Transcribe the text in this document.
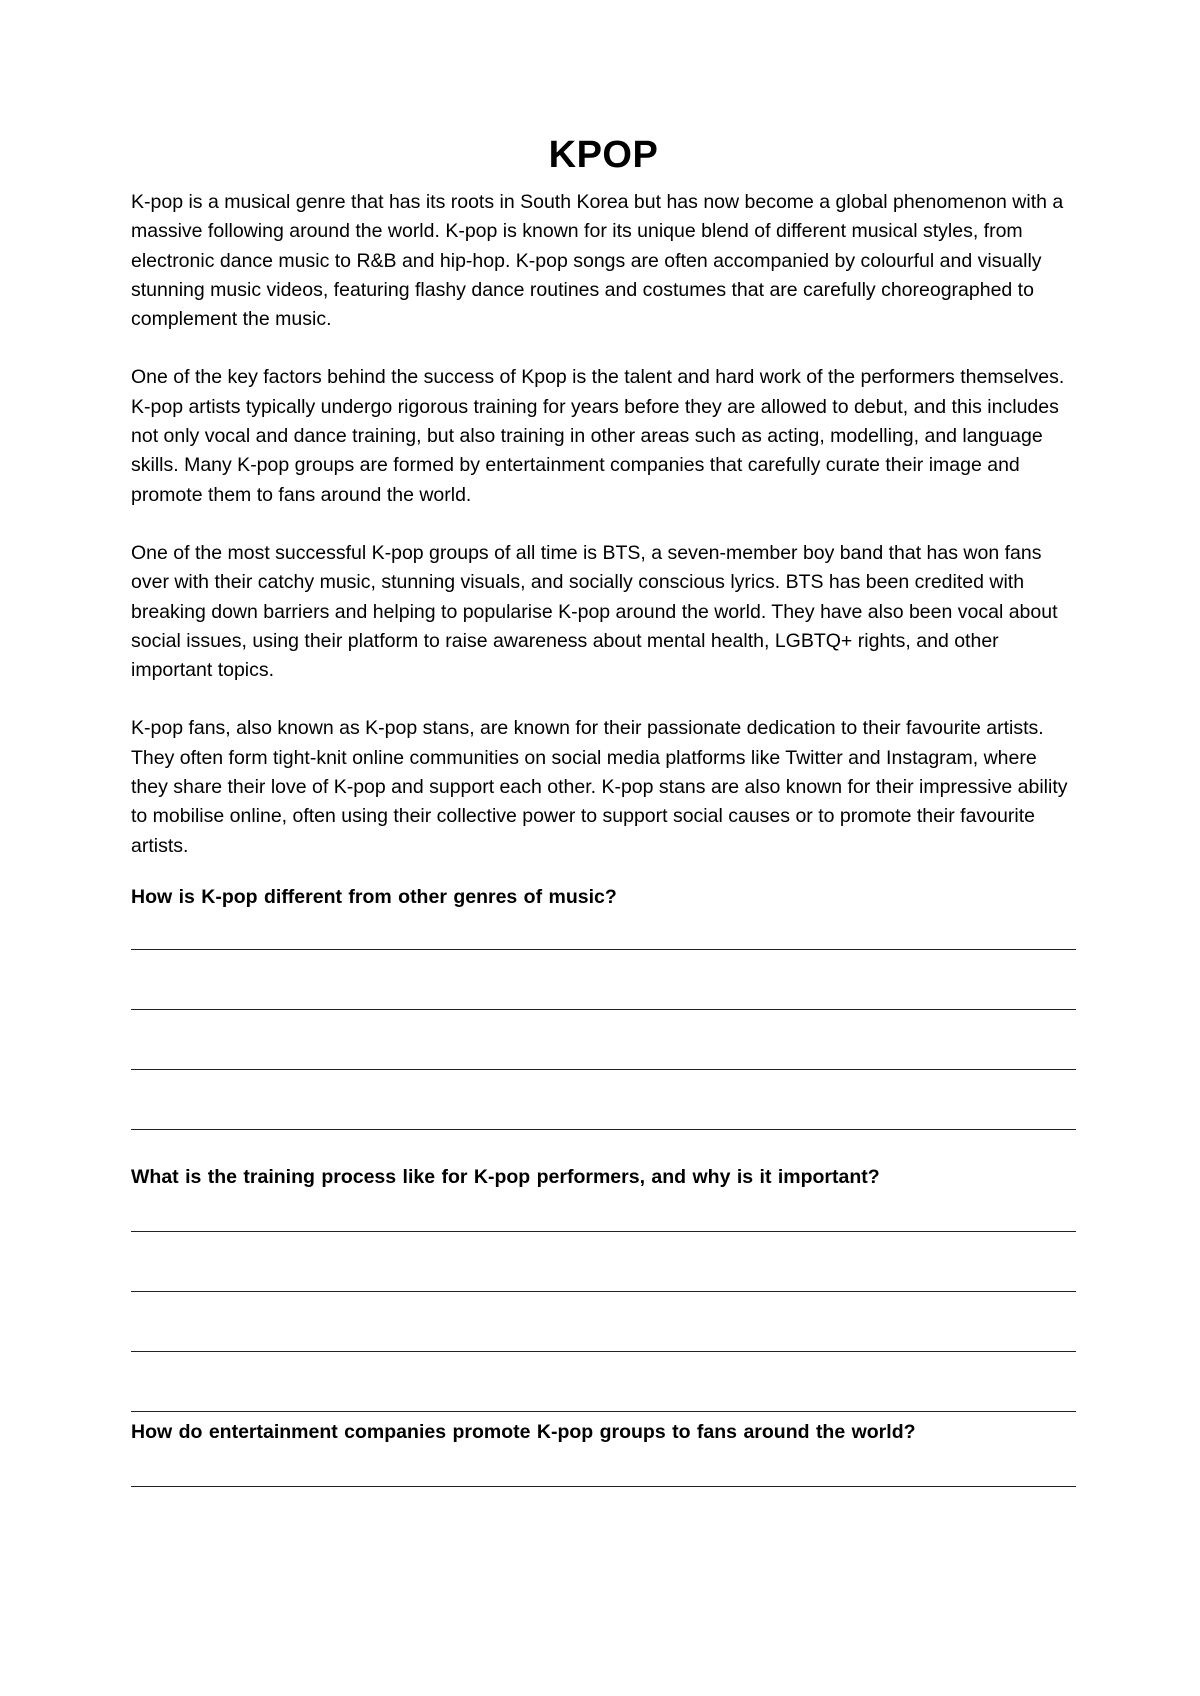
KPOP

K-pop is a musical genre that has its roots in South Korea but has now become a global phenomenon with a massive following around the world. K-pop is known for its unique blend of different musical styles, from electronic dance music to R&B and hip-hop. K-pop songs are often accompanied by colourful and visually stunning music videos, featuring flashy dance routines and costumes that are carefully choreographed to complement the music.

One of the key factors behind the success of Kpop is the talent and hard work of the performers themselves. K-pop artists typically undergo rigorous training for years before they are allowed to debut, and this includes not only vocal and dance training, but also training in other areas such as acting, modelling, and language skills. Many K-pop groups are formed by entertainment companies that carefully curate their image and promote them to fans around the world.

One of the most successful K-pop groups of all time is BTS, a seven-member boy band that has won fans over with their catchy music, stunning visuals, and socially conscious lyrics. BTS has been credited with breaking down barriers and helping to popularise K-pop around the world. They have also been vocal about social issues, using their platform to raise awareness about mental health, LGBTQ+ rights, and other important topics.

K-pop fans, also known as K-pop stans, are known for their passionate dedication to their favourite artists. They often form tight-knit online communities on social media platforms like Twitter and Instagram, where they share their love of K-pop and support each other. K-pop stans are also known for their impressive ability to mobilise online, often using their collective power to support social causes or to promote their favourite artists.

How is K-pop different from other genres of music?

What is the training process like for K-pop performers, and why is it important?

How do entertainment companies promote K-pop groups to fans around the world?
